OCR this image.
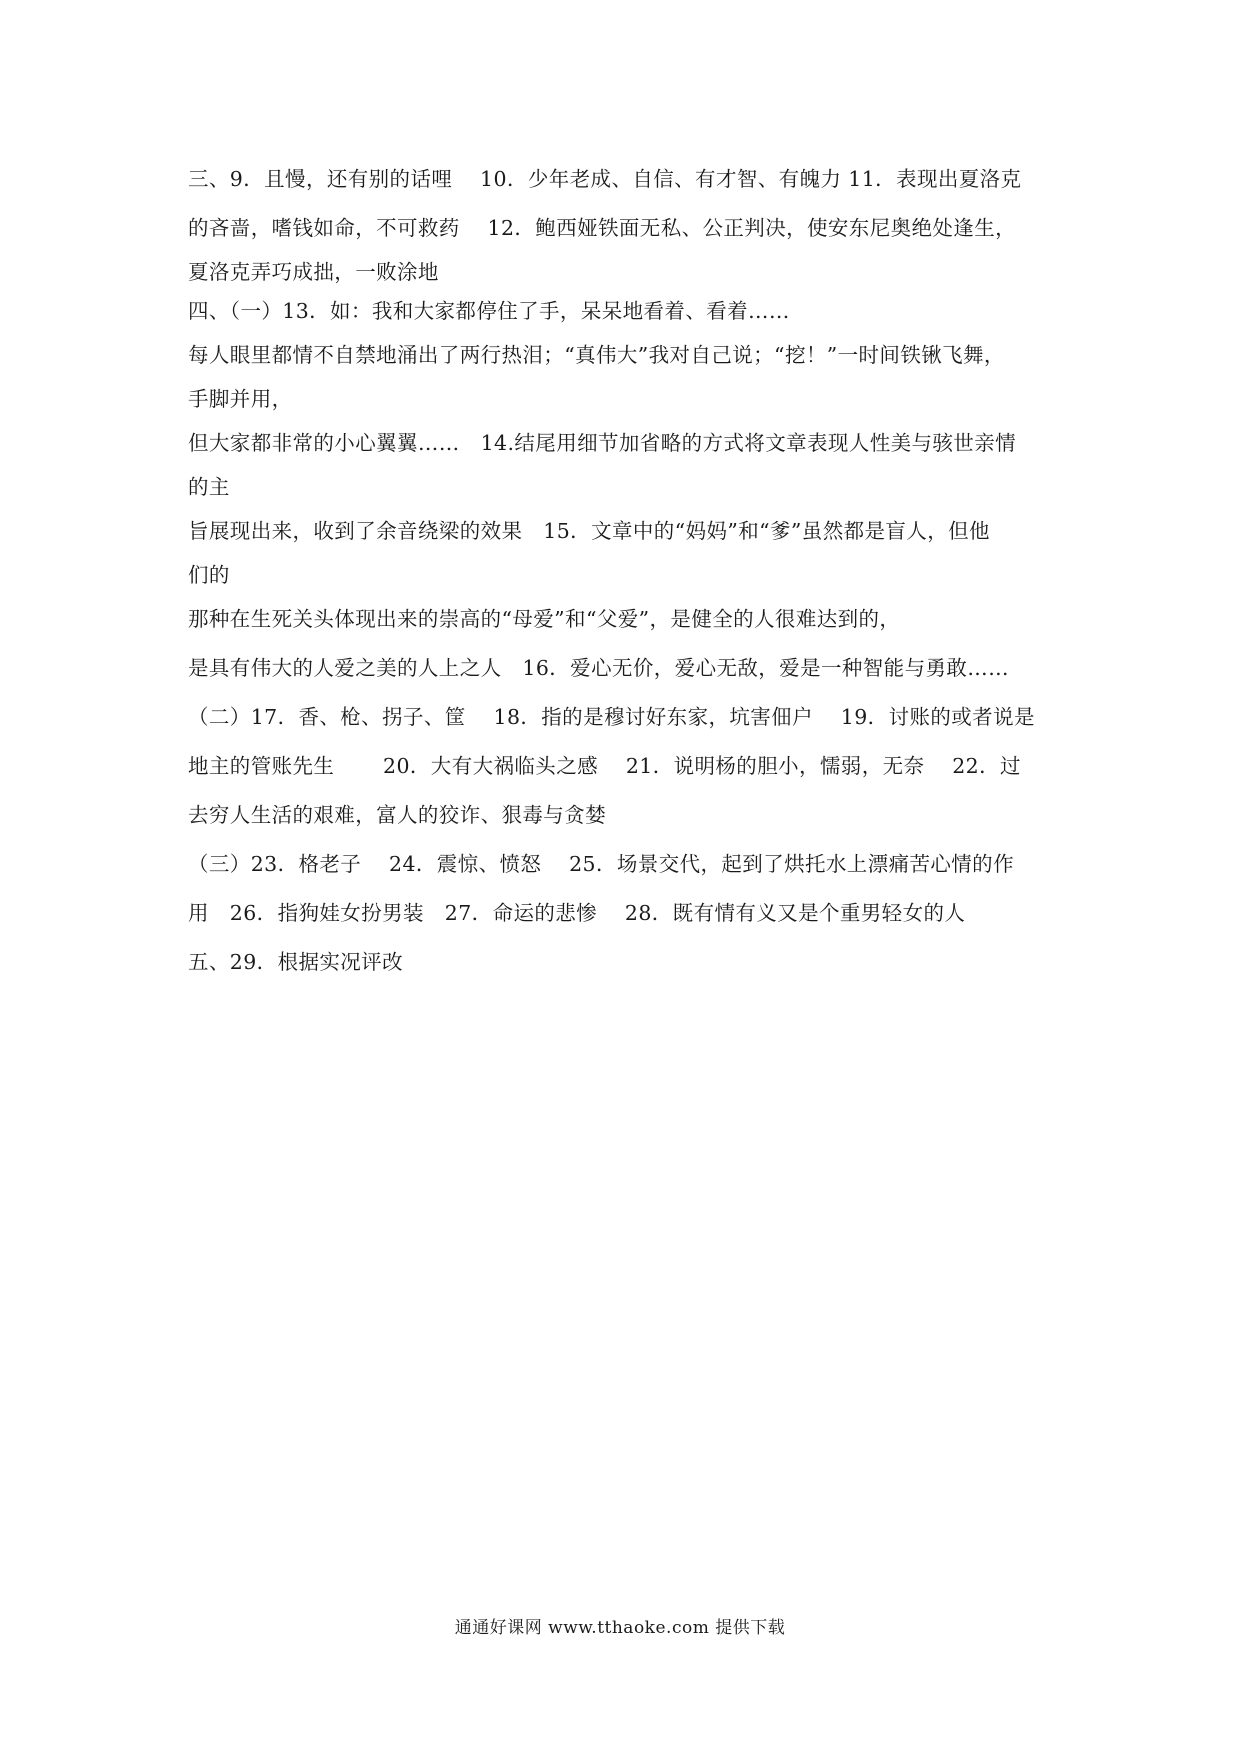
三、9．且慢，还有别的话哩　 10．少年老成、自信、有才智、有魄力 11．表现出夏洛克
的吝啬，嗜钱如命，不可救药　 12．鲍西娅铁面无私、公正判决，使安东尼奥绝处逢生，
夏洛克弄巧成拙，一败涂地
四、（一）13．如：我和大家都停住了手，呆呆地看着、看着……
每人眼里都情不自禁地涌出了两行热泪；“真伟大”我对自己说；“挖！”一时间铁锹飞舞，
手脚并用，
但大家都非常的小心翼翼……　14.结尾用细节加省略的方式将文章表现人性美与骇世亲情
的主
旨展现出来，收到了余音绕梁的效果　15．文章中的“妈妈”和“爹”虽然都是盲人，但他
们的
那种在生死关头体现出来的崇高的“母爱”和“父爱”，是健全的人很难达到的，
是具有伟大的人爱之美的人上之人　16．爱心无价，爱心无敌，爱是一种智能与勇敢……
（二）17．香、枪、拐子、筐　 18．指的是穆讨好东家，坑害佃户　 19．讨账的或者说是
地主的管账先生　　 20．大有大祸临头之感　 21．说明杨的胆小，懦弱，无奈　 22．过
去穷人生活的艰难，富人的狡诈、狠毒与贪婪
（三）23．格老子　 24．震惊、愤怒　 25．场景交代，起到了烘托水上漂痛苦心情的作
用　26．指狗娃女扮男装　27．命运的悲惨　 28．既有情有义又是个重男轻女的人
五、29．根据实况评改
通通好课网 www.tthaoke.com 提供下载
